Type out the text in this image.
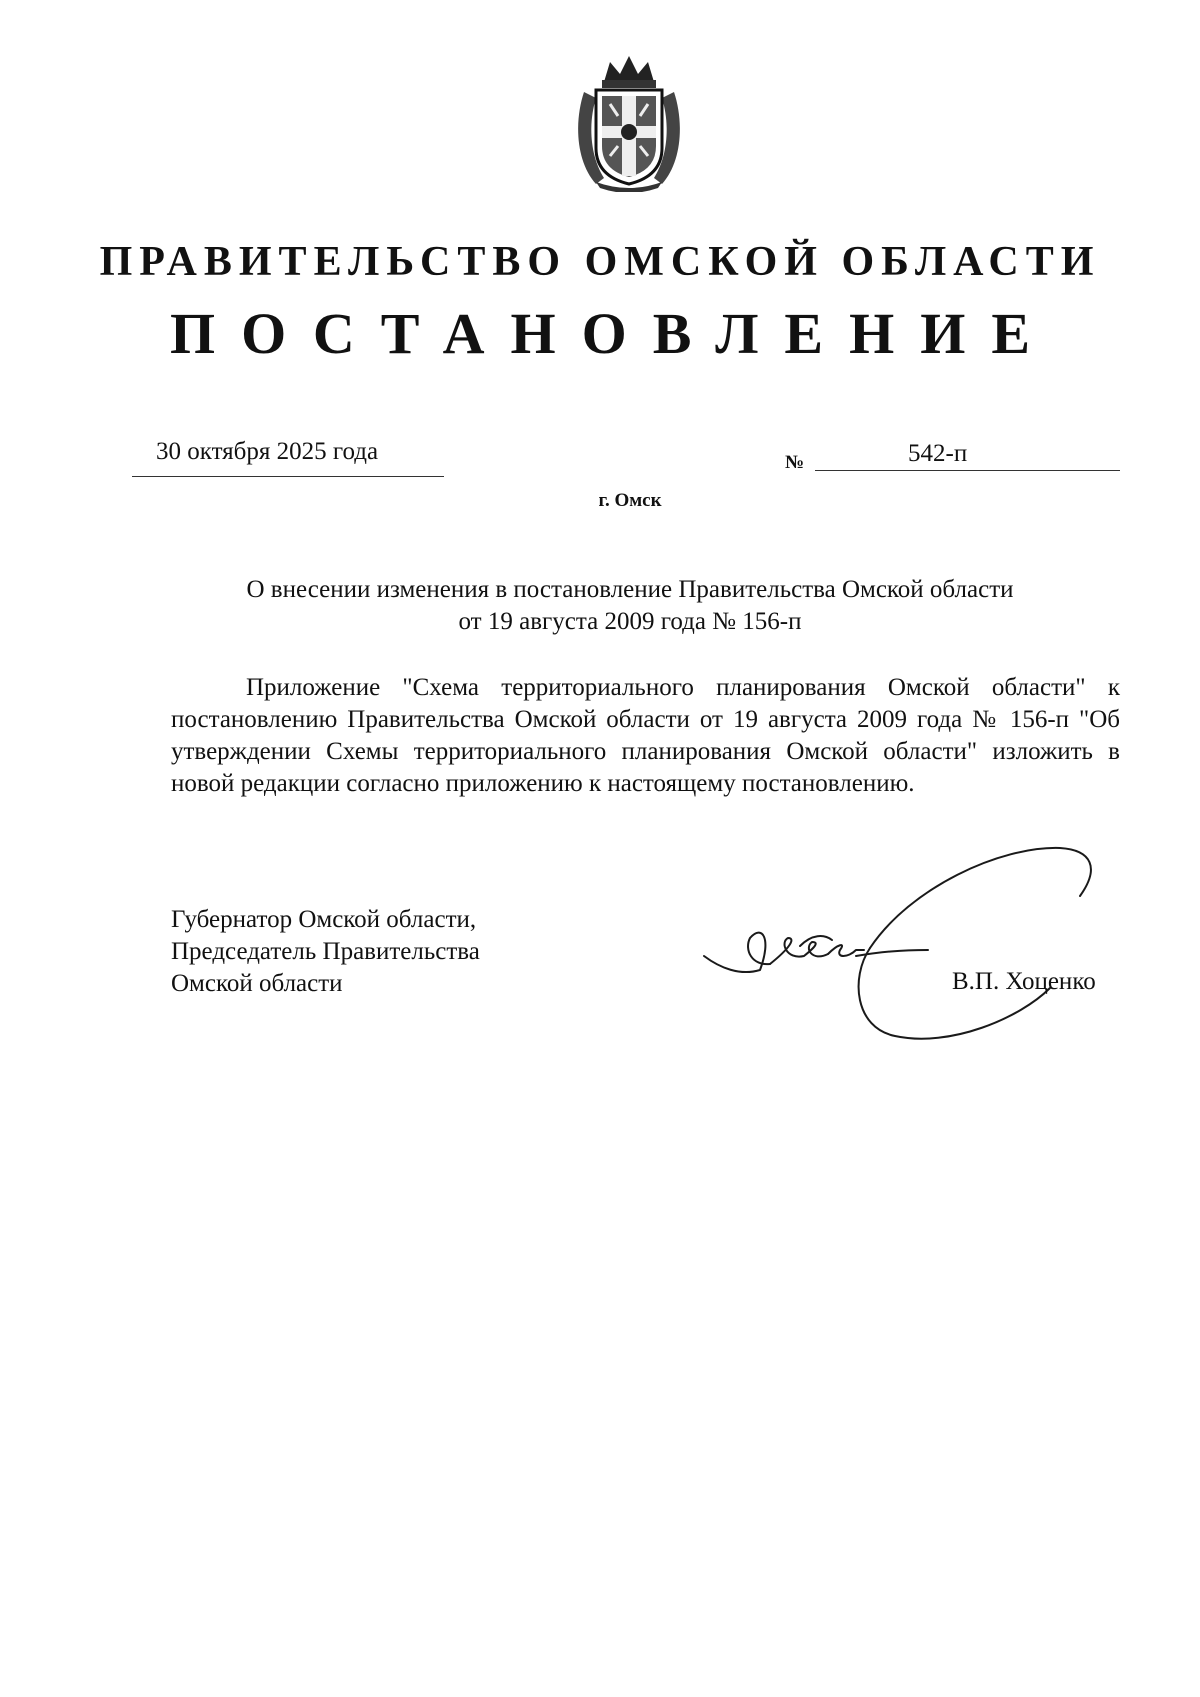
ПРАВИТЕЛЬСТВО ОМСКОЙ ОБЛАСТИ
ПОСТАНОВЛЕНИЕ
30 октября 2025 года	№	542-п
г. Омск
О внесении изменения в постановление Правительства Омской области
от 19 августа 2009 года № 156-п

Приложение "Схема территориального планирования Омской области" к постановлению Правительства Омской области от 19 августа 2009 года № 156-п "Об утверждении Схемы территориального планирования Омской области" изложить в новой редакции согласно приложению к настоящему постановлению.

Губернатор Омской области,
Председатель Правительства
Омской области	В.П. Хоценко
